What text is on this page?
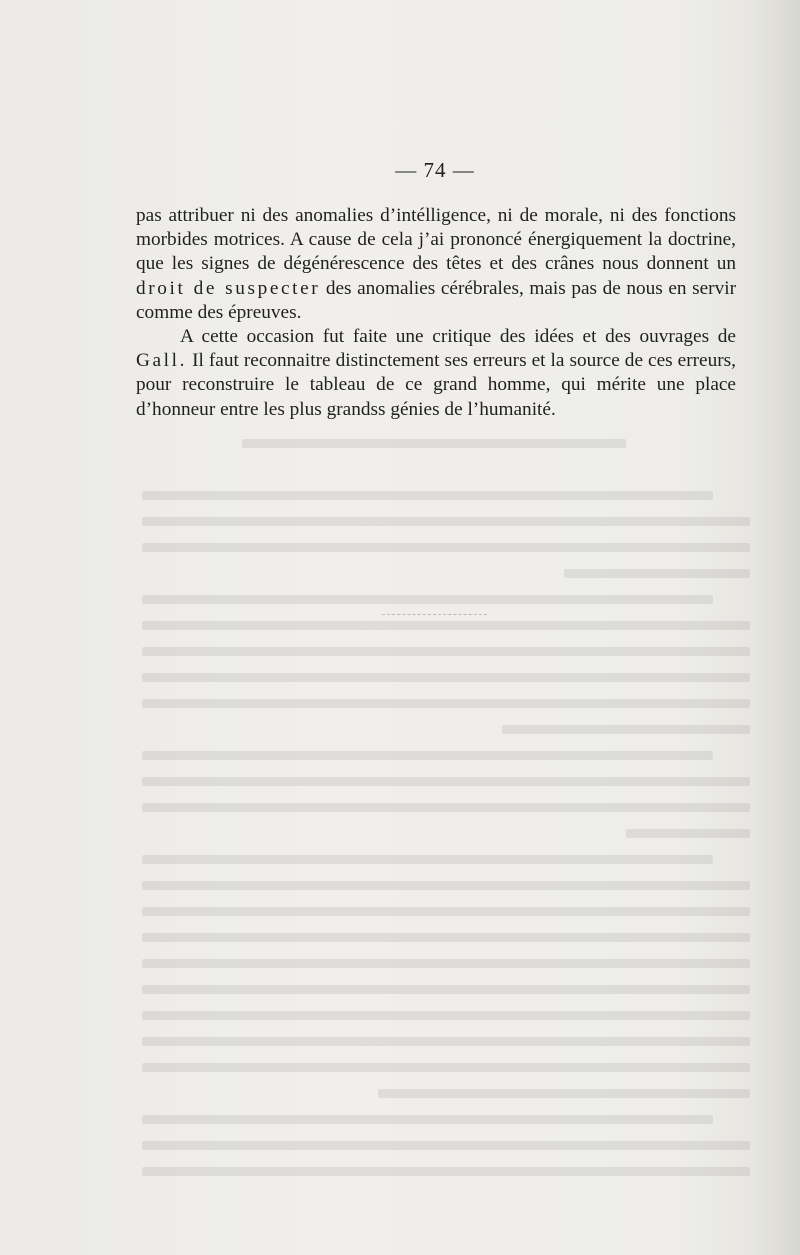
— 74 —

pas attribuer ni des anomalies d’intélligence, ni de morale, ni des fonctions morbides motrices. A cause de cela j’ai prononcé énergiquement la doctrine, que les signes de dégénérescence des têtes et des crânes nous donnent un droit de suspecter des anomalies cérébrales, mais pas de nous en servir comme des épreuves.

A cette occasion fut faite une critique des idées et des ouvrages de Gall. Il faut reconnaitre distinctement ses erreurs et la source de ces erreurs, pour reconstruire le tableau de ce grand homme, qui mérite une place d’honneur entre les plus grandss génies de l’humanité.
